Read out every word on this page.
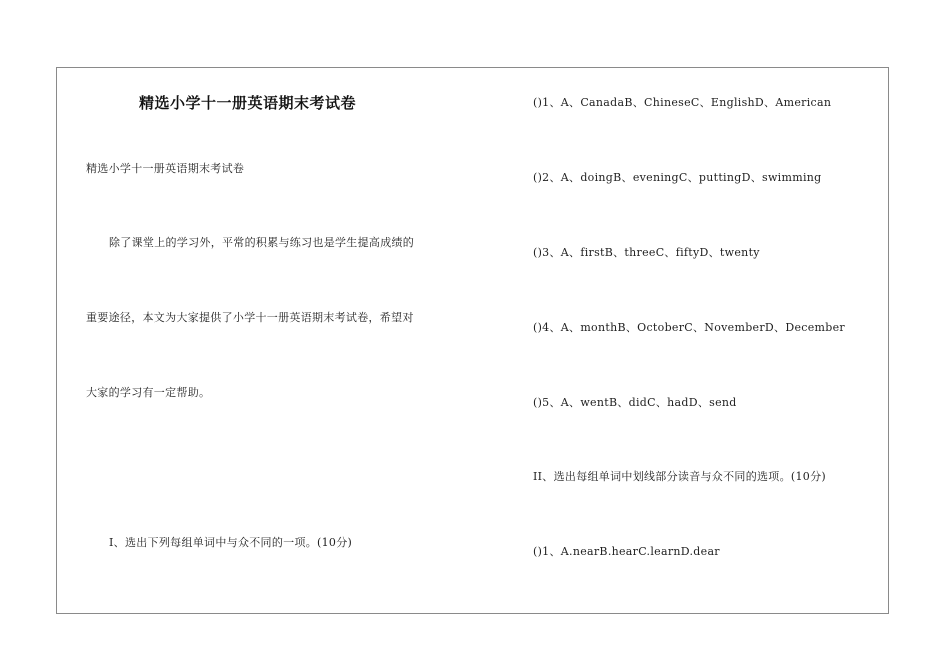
精选小学十一册英语期末考试卷
精选小学十一册英语期末考试卷
除了课堂上的学习外，平常的积累与练习也是学生提高成绩的
重要途径，本文为大家提供了小学十一册英语期末考试卷，希望对
大家的学习有一定帮助。
I、选出下列每组单词中与众不同的一项。(10分)
()1、A、CanadaB、ChineseC、EnglishD、American
()2、A、doingB、eveningC、puttingD、swimming
()3、A、firstB、threeC、fiftyD、twenty
()4、A、monthB、OctoberC、NovemberD、December
()5、A、wentB、didC、hadD、send
II、选出每组单词中划线部分读音与众不同的选项。(10分)
()1、A.nearB.hearC.learnD.dear
